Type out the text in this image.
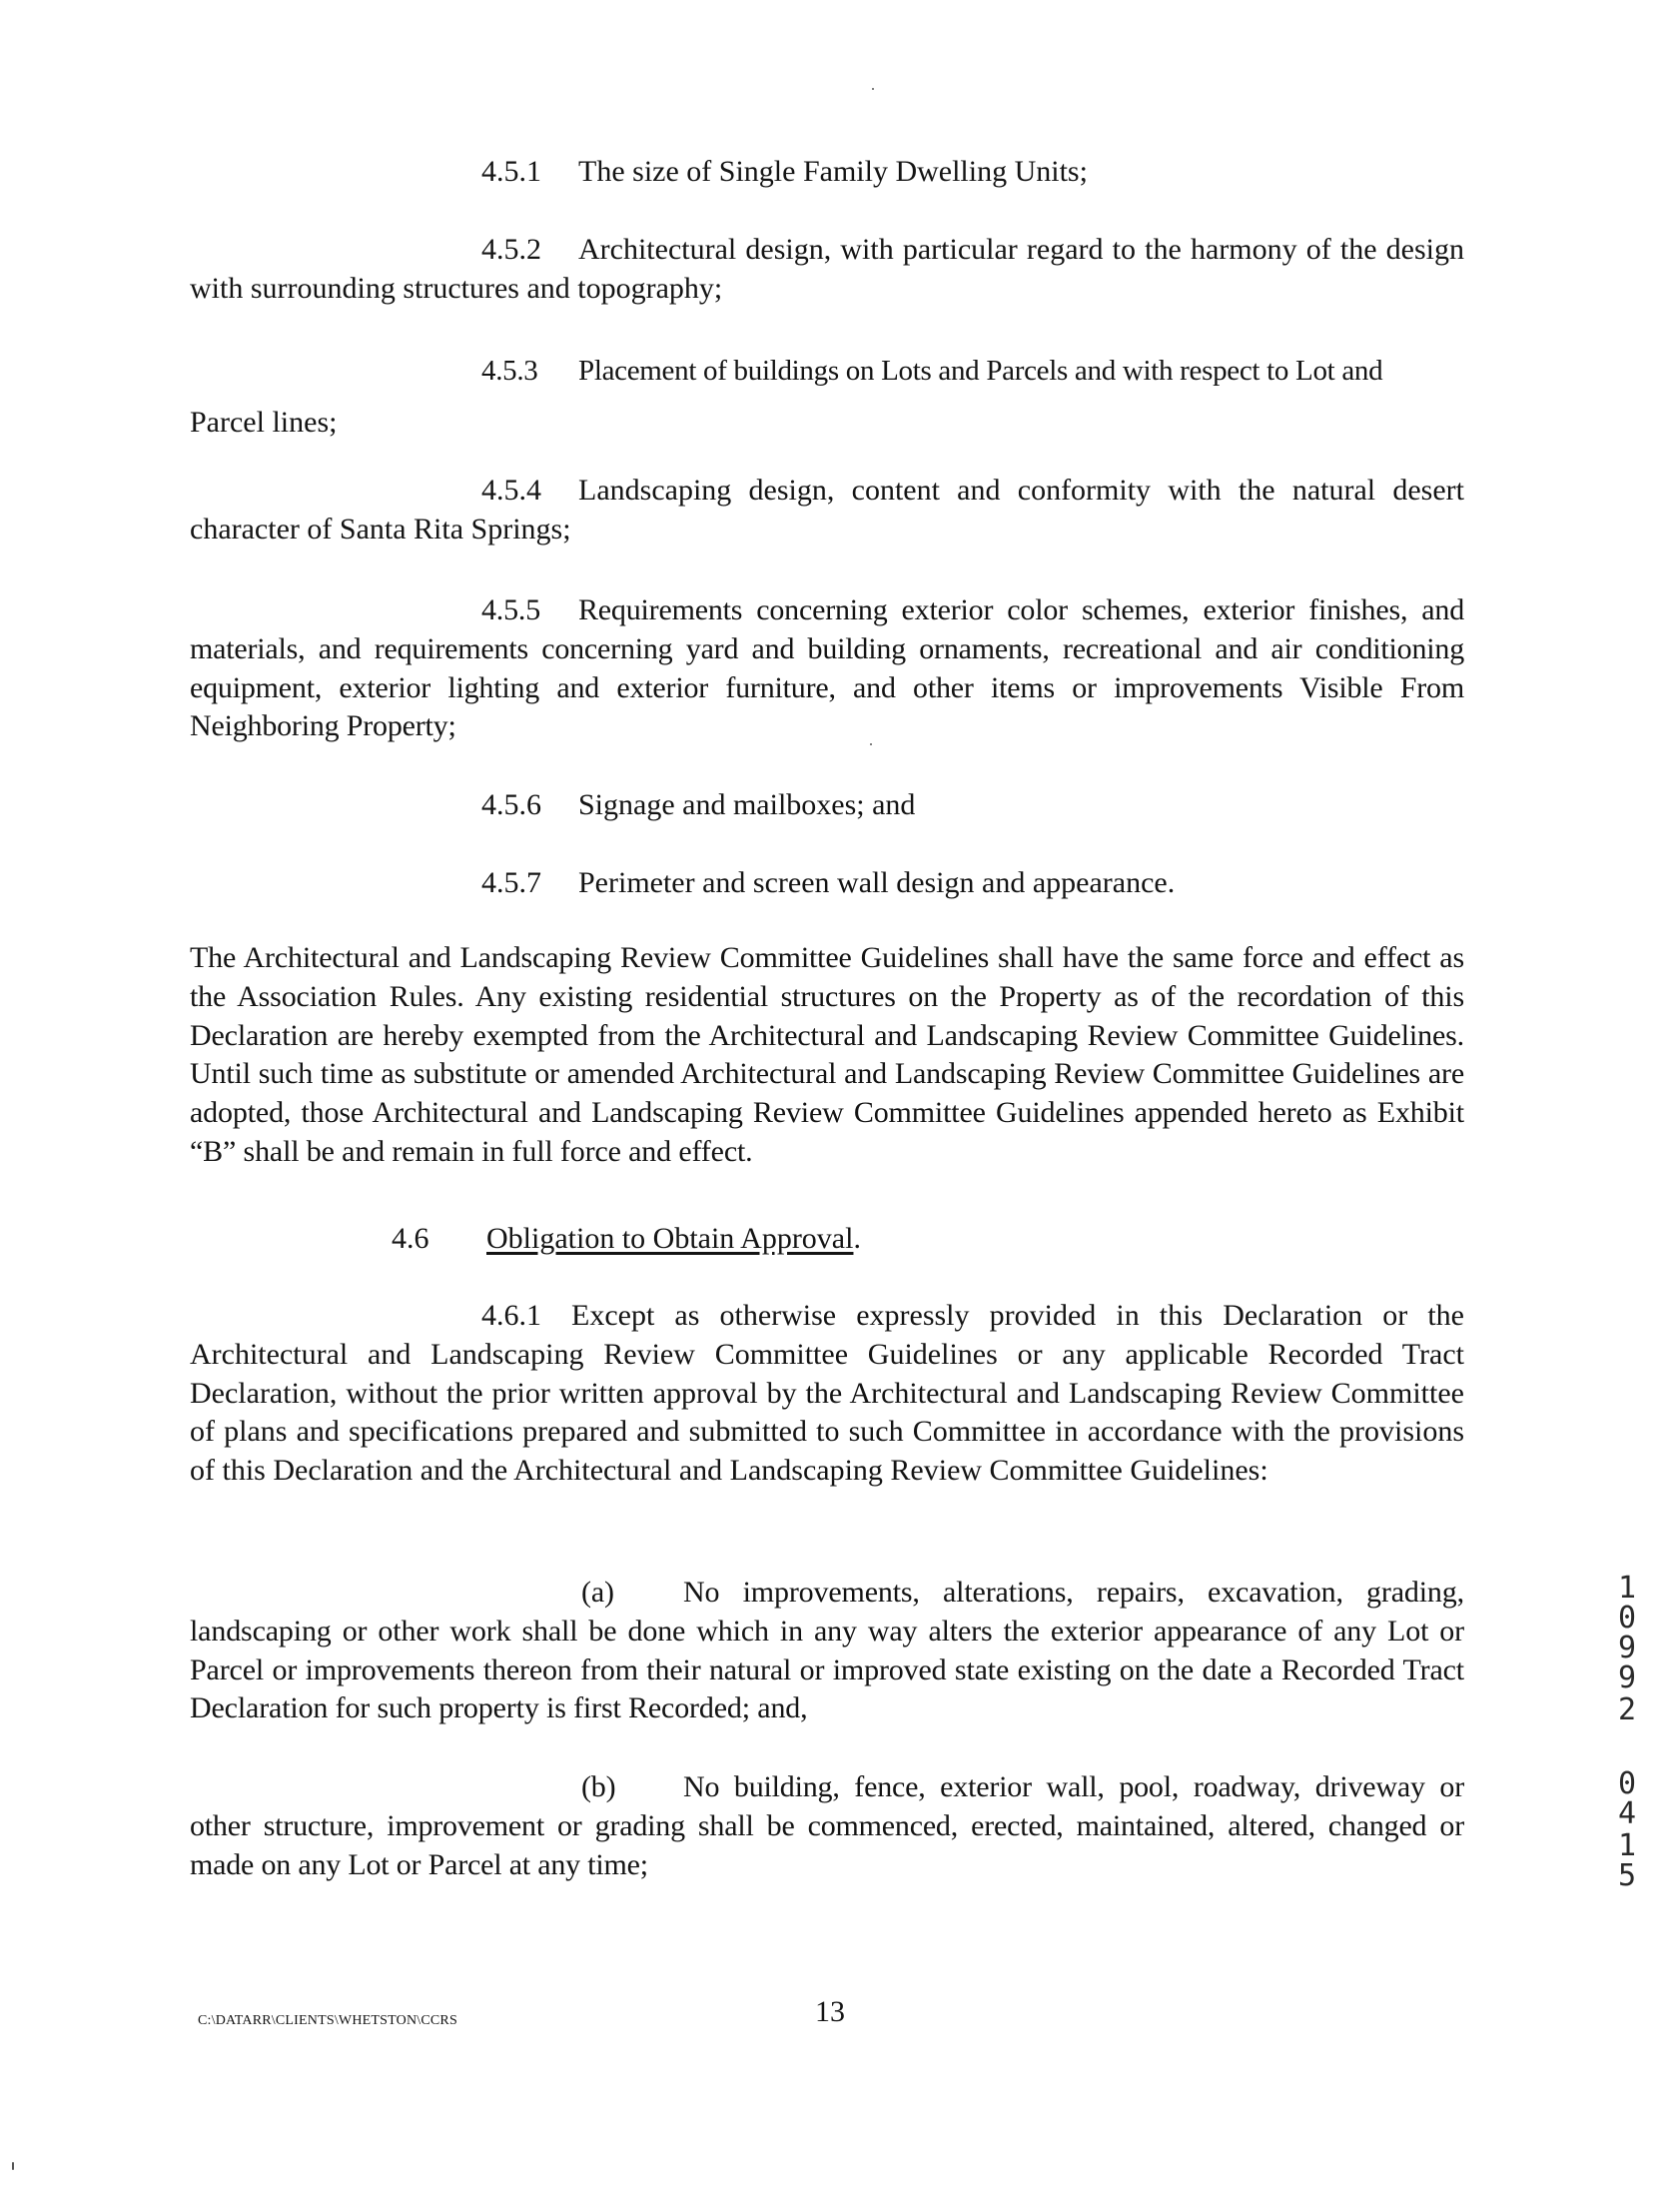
4.5.1 The size of Single Family Dwelling Units;

4.5.2 Architectural design, with particular regard to the harmony of the design with surrounding structures and topography;

4.5.3 Placement of buildings on Lots and Parcels and with respect to Lot and

Parcel lines;

4.5.4 Landscaping design, content and conformity with the natural desert character of Santa Rita Springs;

4.5.5 Requirements concerning exterior color schemes, exterior finishes, and materials, and requirements concerning yard and building ornaments, recreational and air conditioning equipment, exterior lighting and exterior furniture, and other items or improvements Visible From Neighboring Property;

4.5.6 Signage and mailboxes; and

4.5.7 Perimeter and screen wall design and appearance.

The Architectural and Landscaping Review Committee Guidelines shall have the same force and effect as the Association Rules. Any existing residential structures on the Property as of the recordation of this Declaration are hereby exempted from the Architectural and Landscaping Review Committee Guidelines. Until such time as substitute or amended Architectural and Landscaping Review Committee Guidelines are adopted, those Architectural and Landscaping Review Committee Guidelines appended hereto as Exhibit “B” shall be and remain in full force and effect.

4.6 Obligation to Obtain Approval.

4.6.1 Except as otherwise expressly provided in this Declaration or the Architectural and Landscaping Review Committee Guidelines or any applicable Recorded Tract Declaration, without the prior written approval by the Architectural and Landscaping Review Committee of plans and specifications prepared and submitted to such Committee in accordance with the provisions of this Declaration and the Architectural and Landscaping Review Committee Guidelines:

(a) No improvements, alterations, repairs, excavation, grading, landscaping or other work shall be done which in any way alters the exterior appearance of any Lot or Parcel or improvements thereon from their natural or improved state existing on the date a Recorded Tract Declaration for such property is first Recorded; and,

(b) No building, fence, exterior wall, pool, roadway, driveway or other structure, improvement or grading shall be commenced, erected, maintained, altered, changed or made on any Lot or Parcel at any time;

C:\DATARR\CLIENTS\WHETSTON\CCRS	13
1
0
9
9
2
0
4
1
5
